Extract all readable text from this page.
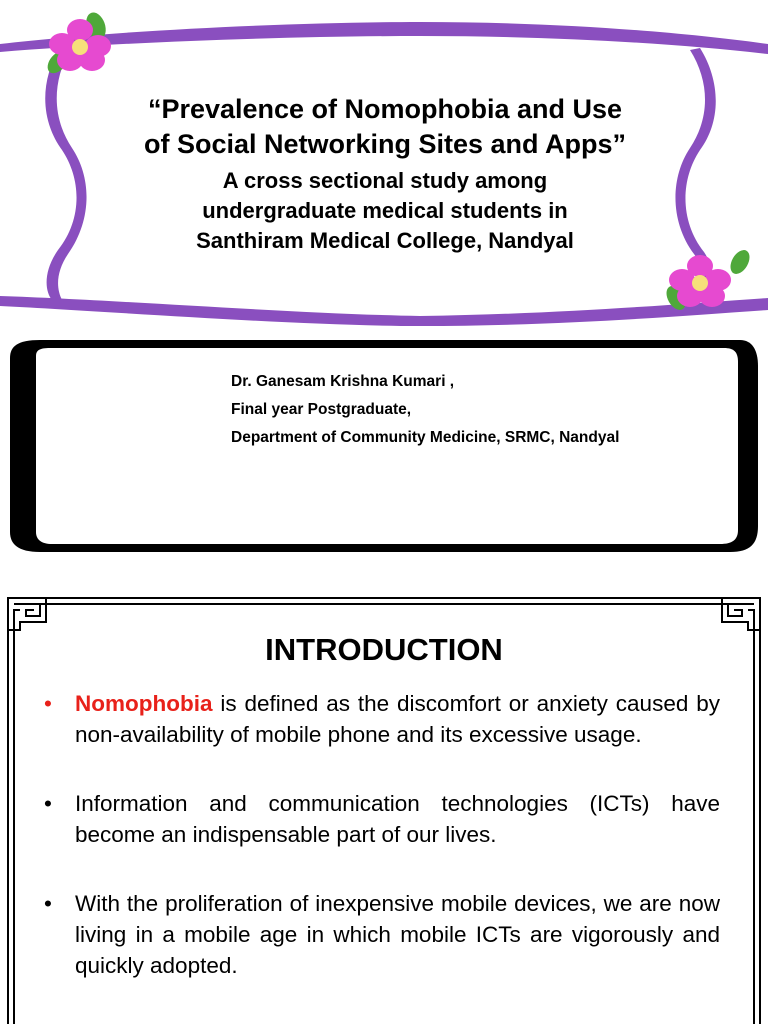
“Prevalence of Nomophobia and Use
of Social Networking Sites and Apps”
A cross sectional study among
undergraduate medical students in
Santhiram Medical College, Nandyal
Dr. Ganesam Krishna Kumari ,
Final year Postgraduate,
Department of Community Medicine, SRMC, Nandyal
INTRODUCTION
•	Nomophobia is defined as the discomfort or anxiety caused by non-availability of mobile phone and its excessive usage.
•	Information and communication technologies (ICTs) have become an indispensable part of our lives.
•	With the proliferation of inexpensive mobile devices, we are now living in a mobile age in which mobile ICTs are vigorously and quickly adopted.
